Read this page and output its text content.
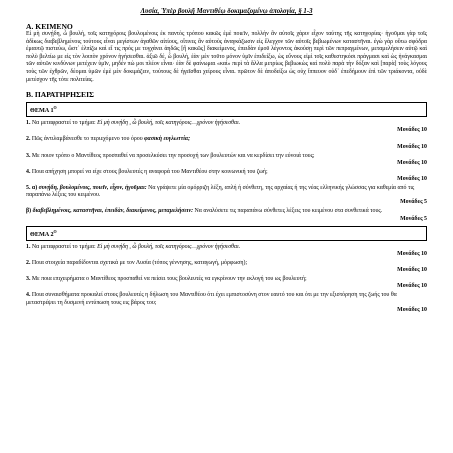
Λυσία, Ὑπὲρ βουλῇ Μαντιθέῳ δοκιμαζομένῳ ἀπολογία, § 1-3

Α. ΚΕΙΜΕΝΟ

Εἰ μὴ συνῄδη, ὦ βουλή, τοῖς κατηγόροις βουλομένοις ἐκ παντὸς τρόπου κακῶς ἐμὲ ποιεῖν, πολλὴν ἂν αὐτοῖς χάριν εἶχον ταύτης τῆς κατηγορίας· ἡγοῦμαι γὰρ τοῖς ἀδίκως διαβεβλημένοις τούτους εἶναι μεγίστων ἀγαθῶν αἰτίους, οἵτινες ἂν αὐτοὺς ἀναγκάζωσιν εἰς ἔλεγχον τῶν αὐτοῖς βεβιωμένων καταστῆναι. ἐγὼ γὰρ οὕτω σφόδρα ἐμαυτῷ πιστεύω, ὥστ᾿ ἐλπίζω καὶ εἴ τις πρός με τυγχάνει ἀηδῶς [ἢ κακῶς] διακείμενος, ἐπειδὰν ἐμοῦ λέγοντος ἀκούσῃ περὶ τῶν πεπραγμένων, μεταμελήσειν αὐτῷ καὶ πολὺ βελτίω με εἰς τὸν λοιπὸν χρόνον ἡγήσεσθαι. ἀξιῶ δέ, ὦ βουλή, ἐὰν μὲν τοῦτο μόνον ὑμῖν ἐπιδείξω, ὡς εὔνους εἰμὶ τοῖς καθεστηκόσι πράγμασι καὶ ὡς ἠνάγκασμαι τῶν αὐτῶν κινδύνων μετέχειν ὑμῖν, μηδέν πώ μοι πλέον εἶναι· ἐὰν δὲ φαίνωμαι «καὶ» περὶ τὰ ἄλλα μετρίως βεβιωκὼς καὶ πολὺ παρὰ τὴν δόξαν καὶ [παρὰ] τοὺς λόγους τοὺς τῶν ἐχθρῶν, δέομαι ὑμῶν ἐμὲ μὲν δοκιμάζειν, τούτους δὲ ἡγεῖσθαι χείρους εἶναι. πρῶτον δὲ ἀποδείξω ὡς οὐχ ἵππευον οὐδ᾿ ἐπεδήμουν ἐπὶ τῶν τριάκοντα, οὐδὲ μετέσχον τῆς τότε πολιτείας.

Β. ΠΑΡΑΤΗΡΗΣΕΙΣ

ΘΕΜΑ $1^O$

1. Να μεταφραστεί το τμήμα: Εἰ μὴ συνῄδη , ὦ βουλή, τοῖς κατηγόροις…χρόνον ἡγήσεσθαι.

Μονάδες 10

2. Πῶς ἀντιλαμβάνεσθε το περιεχόμενο του όρου φασικὴ ευγλωττία;

Μονάδες 10

3. Με ποιον τρόπο ο Μαντίθεος προσπαθεί να προσελκύσει την προσοχή των βουλευτών και να κερδίσει την εύνοιά τους;

Μονάδες 10

4. Ποια απήχηση μπορεί να είχε στους βουλευτές η αναφορά του Μαντιθέου στην κοινωνική του ζωή;

Μονάδες 10

5. α) συνῄδη, βουλομένοις, ποιεῖν, εἶχον, ἡγοῦμαι: Να γράψετε μία ομόρριζη λέξη, απλή ή σύνθετη, της αρχαίας ή της νέας ελληνικής γλώσσας για καθεμία από τις παραπάνω λέξεις του κειμένου.

Μονάδες 5

β) διαβεβλημένοις, καταστῆναι, ἐπειδὰν, διακείμενος, μεταμελήσειν: Να αναλύσετε τις παραπάνω σύνθετες λέξεις του κειμένου στα συνθετικά τους.

Μονάδες 5

ΘΕΜΑ $2^O$

1. Να μεταφραστεί το τμήμα: Εἰ μὴ συνῄδη , ὦ βουλή, τοῖς κατηγόροις…χρόνον ἡγήσεσθαι.

Μονάδες 10

2. Ποια στοιχεία παραδίδονται σχετικά με τον Λυσία (τόπος γέννησης, καταγωγή, μόρφωση);

Μονάδες 10

3. Με ποια επιχειρήματα ο Μαντίθεος προσπαθεί να πείσει τους βουλευτές να εγκρίνουν την εκλογή του ως βουλευτή;

Μονάδες 10

4. Ποια συναισθήματα προκαλεί στους βουλευτές η δήλωση του Μαντιθέου ότι έχει εμπιστοσύνη στον εαυτό του και ότι με την εξιστόρηση της ζωής του θα μεταστρέψει τη δυσμενή εντύπωση τους εις βάρος του;

Μονάδες 10
